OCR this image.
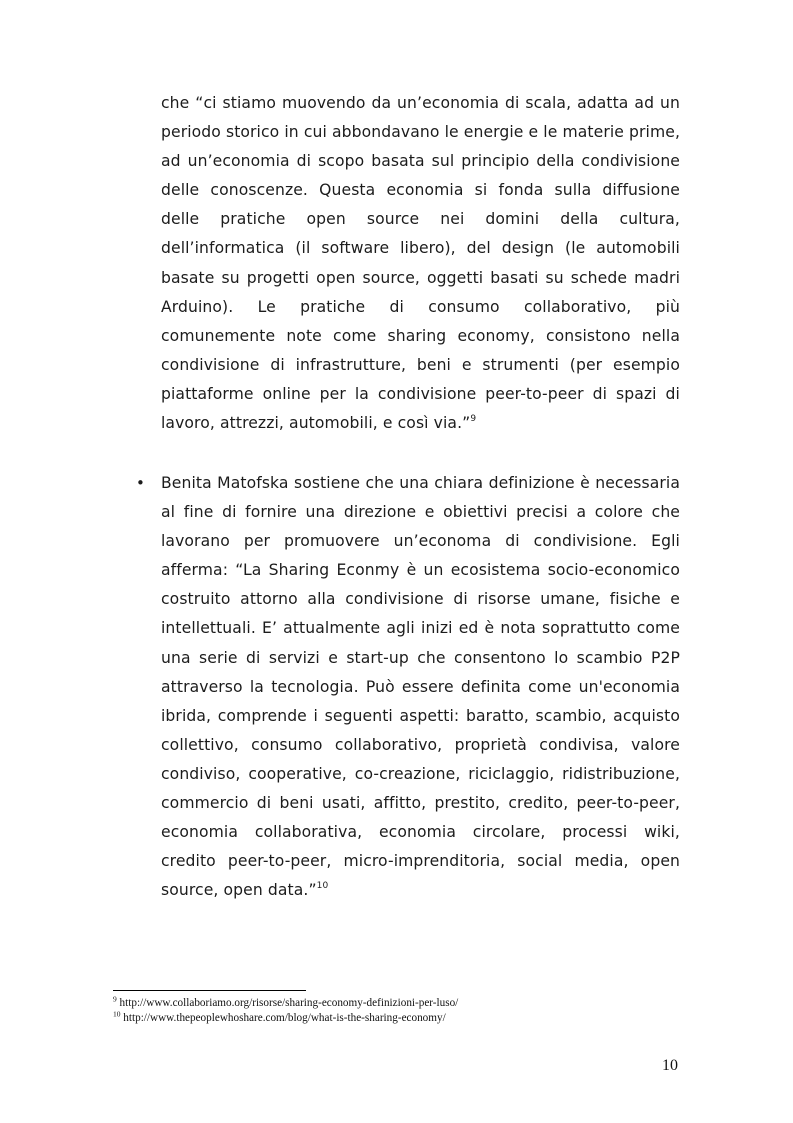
che “ci stiamo muovendo da un’economia di scala, adatta ad un periodo storico in cui abbondavano le energie e le materie prime, ad un’economia di scopo basata sul principio della condivisione delle conoscenze. Questa economia si fonda sulla diffusione delle pratiche open source nei domini della cultura, dell’informatica (il software libero), del design (le automobili basate su progetti open source, oggetti basati su schede madri Arduino). Le pratiche di consumo collaborativo, più comunemente note come sharing economy, consistono nella condivisione di infrastrutture, beni e strumenti (per esempio piattaforme online per la condivisione peer-to-peer di spazi di lavoro, attrezzi, automobili, e così via.”$^9$

• Benita Matofska sostiene che una chiara definizione è necessaria al fine di fornire una direzione e obiettivi precisi a colore che lavorano per promuovere un’economa di condivisione. Egli afferma: “La Sharing Econmy è un ecosistema socio-economico costruito attorno alla condivisione di risorse umane, fisiche e intellettuali. E’ attualmente agli inizi ed è nota soprattutto come una serie di servizi e start-up che consentono lo scambio P2P attraverso la tecnologia. Può essere definita come un'economia ibrida, comprende i seguenti aspetti: baratto, scambio, acquisto collettivo, consumo collaborativo, proprietà condivisa, valore condiviso, cooperative, co-creazione, riciclaggio, ridistribuzione, commercio di beni usati, affitto, prestito, credito, peer-to-peer, economia collaborativa, economia circolare, processi wiki, credito peer-to-peer, micro-imprenditoria, social media, open source, open data.”$^{10}$
$^9$ http://www.collaboriamo.org/risorse/sharing-economy-definizioni-per-luso/
$^{10}$ http://www.thepeoplewhoshare.com/blog/what-is-the-sharing-economy/
10
